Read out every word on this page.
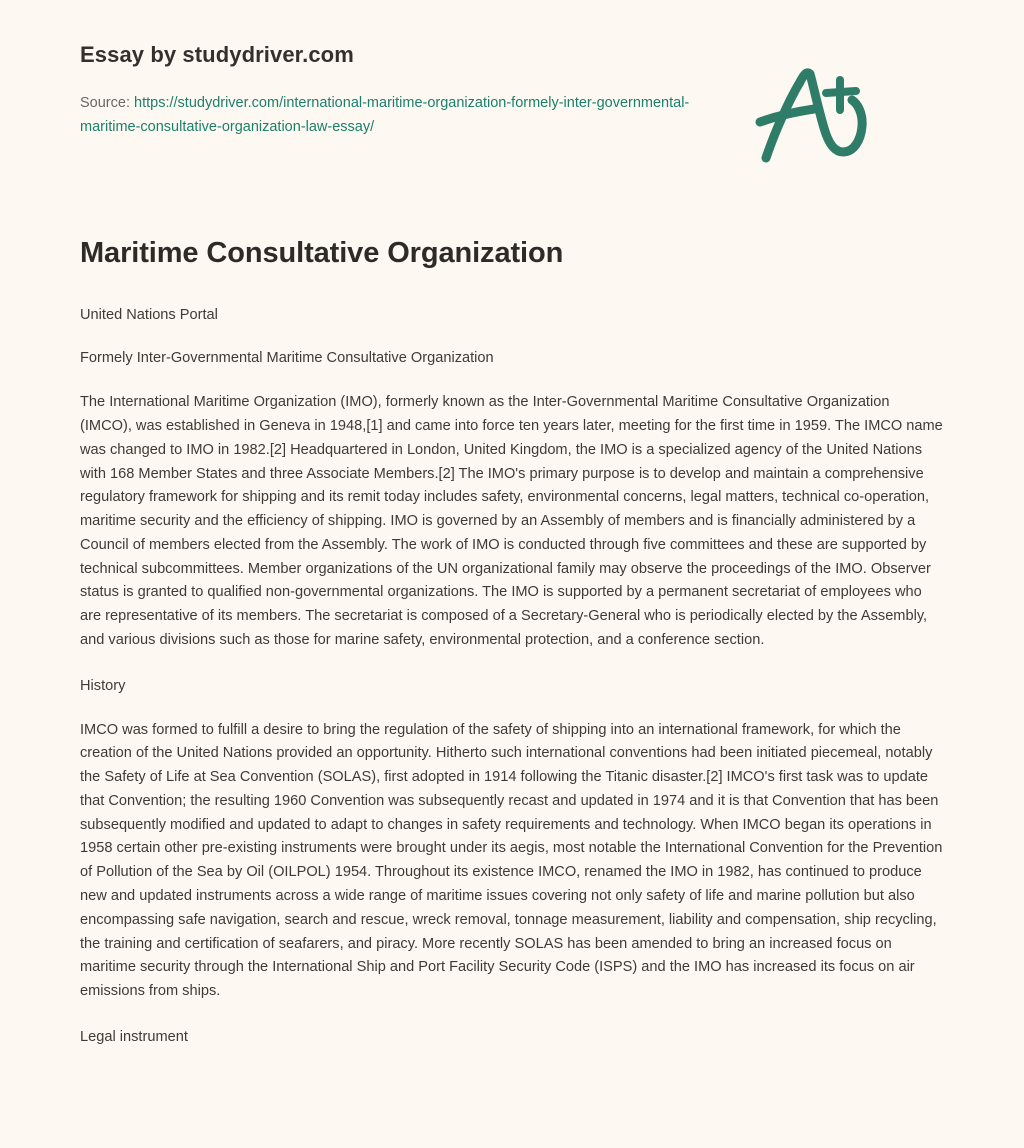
Essay by studydriver.com
Source: https://studydriver.com/international-maritime-organization-formely-inter-governmental-maritime-consultative-organization-law-essay/
Maritime Consultative Organization

United Nations Portal

Formely Inter-Governmental Maritime Consultative Organization

The International Maritime Organization (IMO), formerly known as the Inter-Governmental Maritime Consultative Organization (IMCO), was established in Geneva in 1948,[1] and came into force ten years later, meeting for the first time in 1959. The IMCO name was changed to IMO in 1982.[2] Headquartered in London, United Kingdom, the IMO is a specialized agency of the United Nations with 168 Member States and three Associate Members.[2] The IMO's primary purpose is to develop and maintain a comprehensive regulatory framework for shipping and its remit today includes safety, environmental concerns, legal matters, technical co-operation, maritime security and the efficiency of shipping. IMO is governed by an Assembly of members and is financially administered by a Council of members elected from the Assembly. The work of IMO is conducted through five committees and these are supported by technical subcommittees. Member organizations of the UN organizational family may observe the proceedings of the IMO. Observer status is granted to qualified non-governmental organizations. The IMO is supported by a permanent secretariat of employees who are representative of its members. The secretariat is composed of a Secretary-General who is periodically elected by the Assembly, and various divisions such as those for marine safety, environmental protection, and a conference section.

History

IMCO was formed to fulfill a desire to bring the regulation of the safety of shipping into an international framework, for which the creation of the United Nations provided an opportunity. Hitherto such international conventions had been initiated piecemeal, notably the Safety of Life at Sea Convention (SOLAS), first adopted in 1914 following the Titanic disaster.[2] IMCO's first task was to update that Convention; the resulting 1960 Convention was subsequently recast and updated in 1974 and it is that Convention that has been subsequently modified and updated to adapt to changes in safety requirements and technology. When IMCO began its operations in 1958 certain other pre-existing instruments were brought under its aegis, most notable the International Convention for the Prevention of Pollution of the Sea by Oil (OILPOL) 1954. Throughout its existence IMCO, renamed the IMO in 1982, has continued to produce new and updated instruments across a wide range of maritime issues covering not only safety of life and marine pollution but also encompassing safe navigation, search and rescue, wreck removal, tonnage measurement, liability and compensation, ship recycling, the training and certification of seafarers, and piracy. More recently SOLAS has been amended to bring an increased focus on maritime security through the International Ship and Port Facility Security Code (ISPS) and the IMO has increased its focus on air emissions from ships.

Legal instrument
